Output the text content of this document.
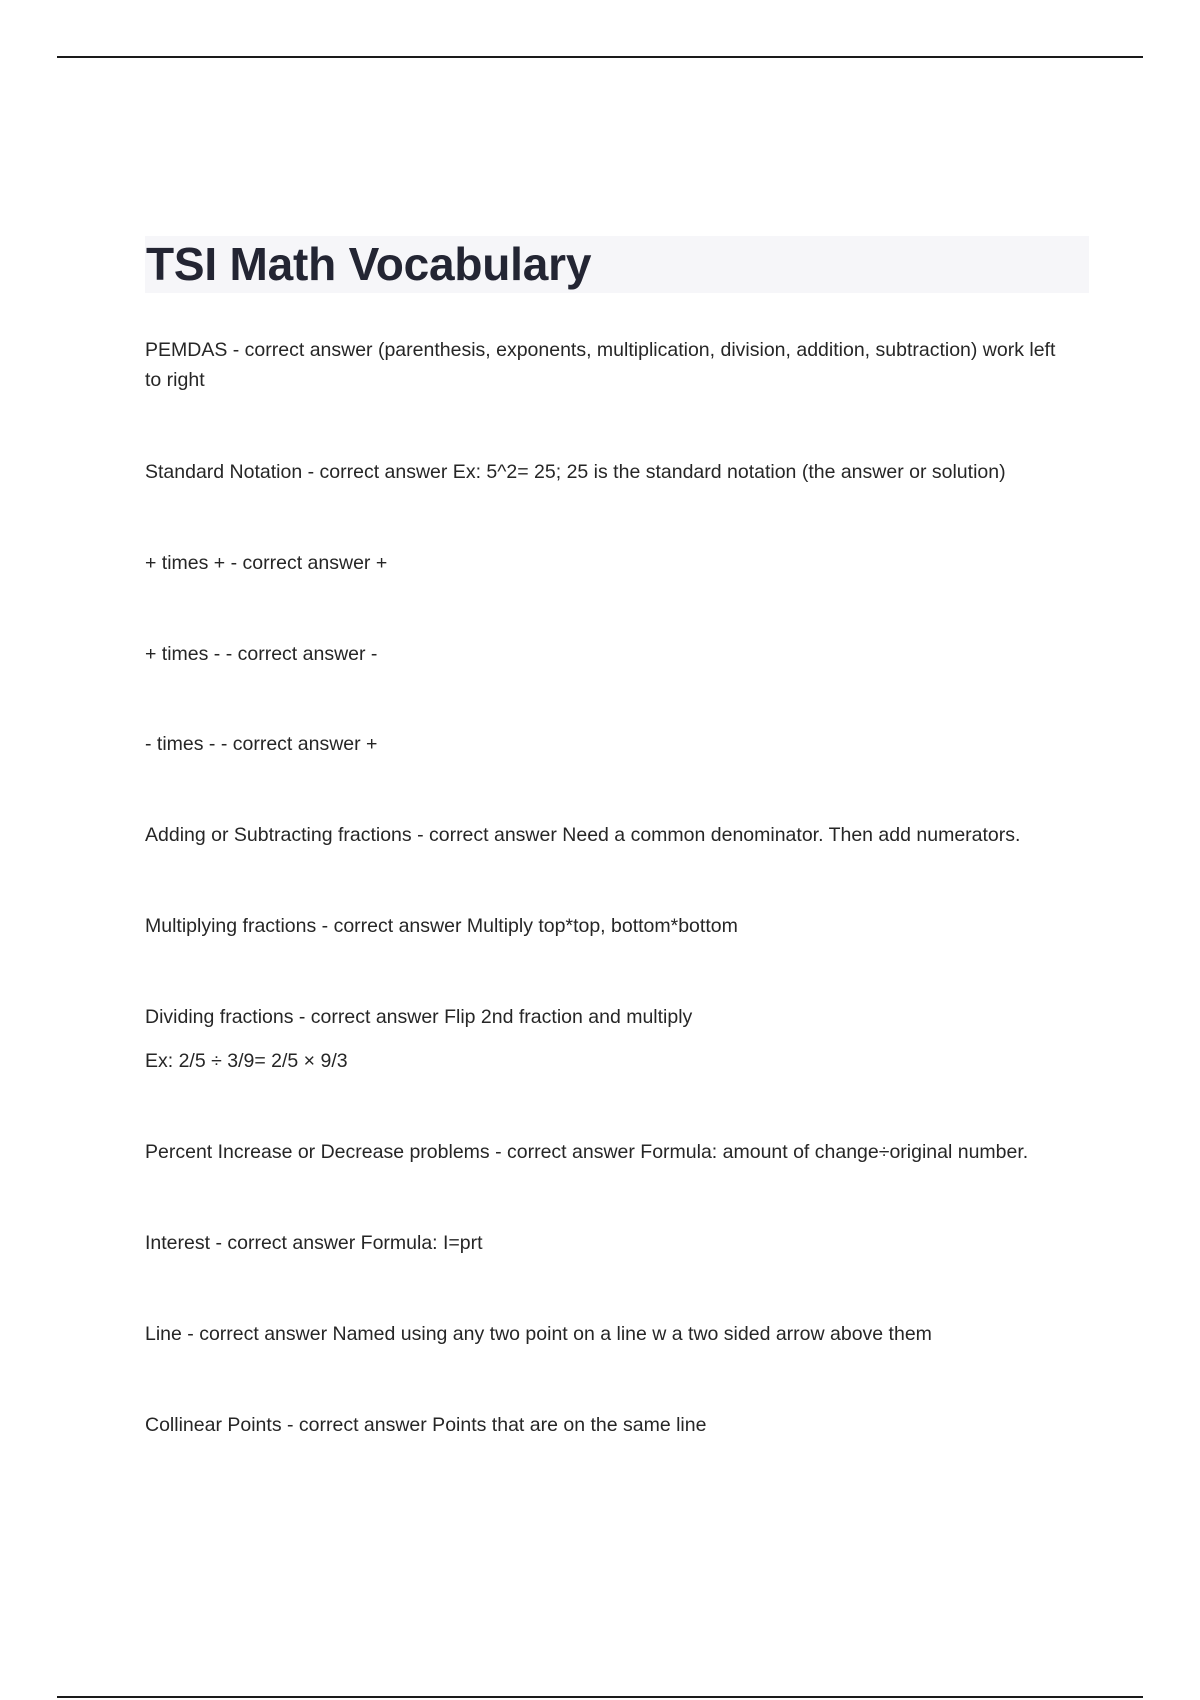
TSI Math Vocabulary

PEMDAS - correct answer (parenthesis, exponents, multiplication, division, addition, subtraction) work left to right

Standard Notation - correct answer Ex: 5^2= 25; 25 is the standard notation (the answer or solution)

+ times + - correct answer +

+ times - - correct answer -

- times - - correct answer +

Adding or Subtracting fractions - correct answer Need a common denominator. Then add numerators.

Multiplying fractions - correct answer Multiply top*top, bottom*bottom

Dividing fractions - correct answer Flip 2nd fraction and multiply
Ex: 2/5 ÷ 3/9= 2/5 × 9/3

Percent Increase or Decrease problems - correct answer Formula: amount of change÷original number.

Interest - correct answer Formula: I=prt

Line - correct answer Named using any two point on a line w a two sided arrow above them

Collinear Points - correct answer Points that are on the same line
